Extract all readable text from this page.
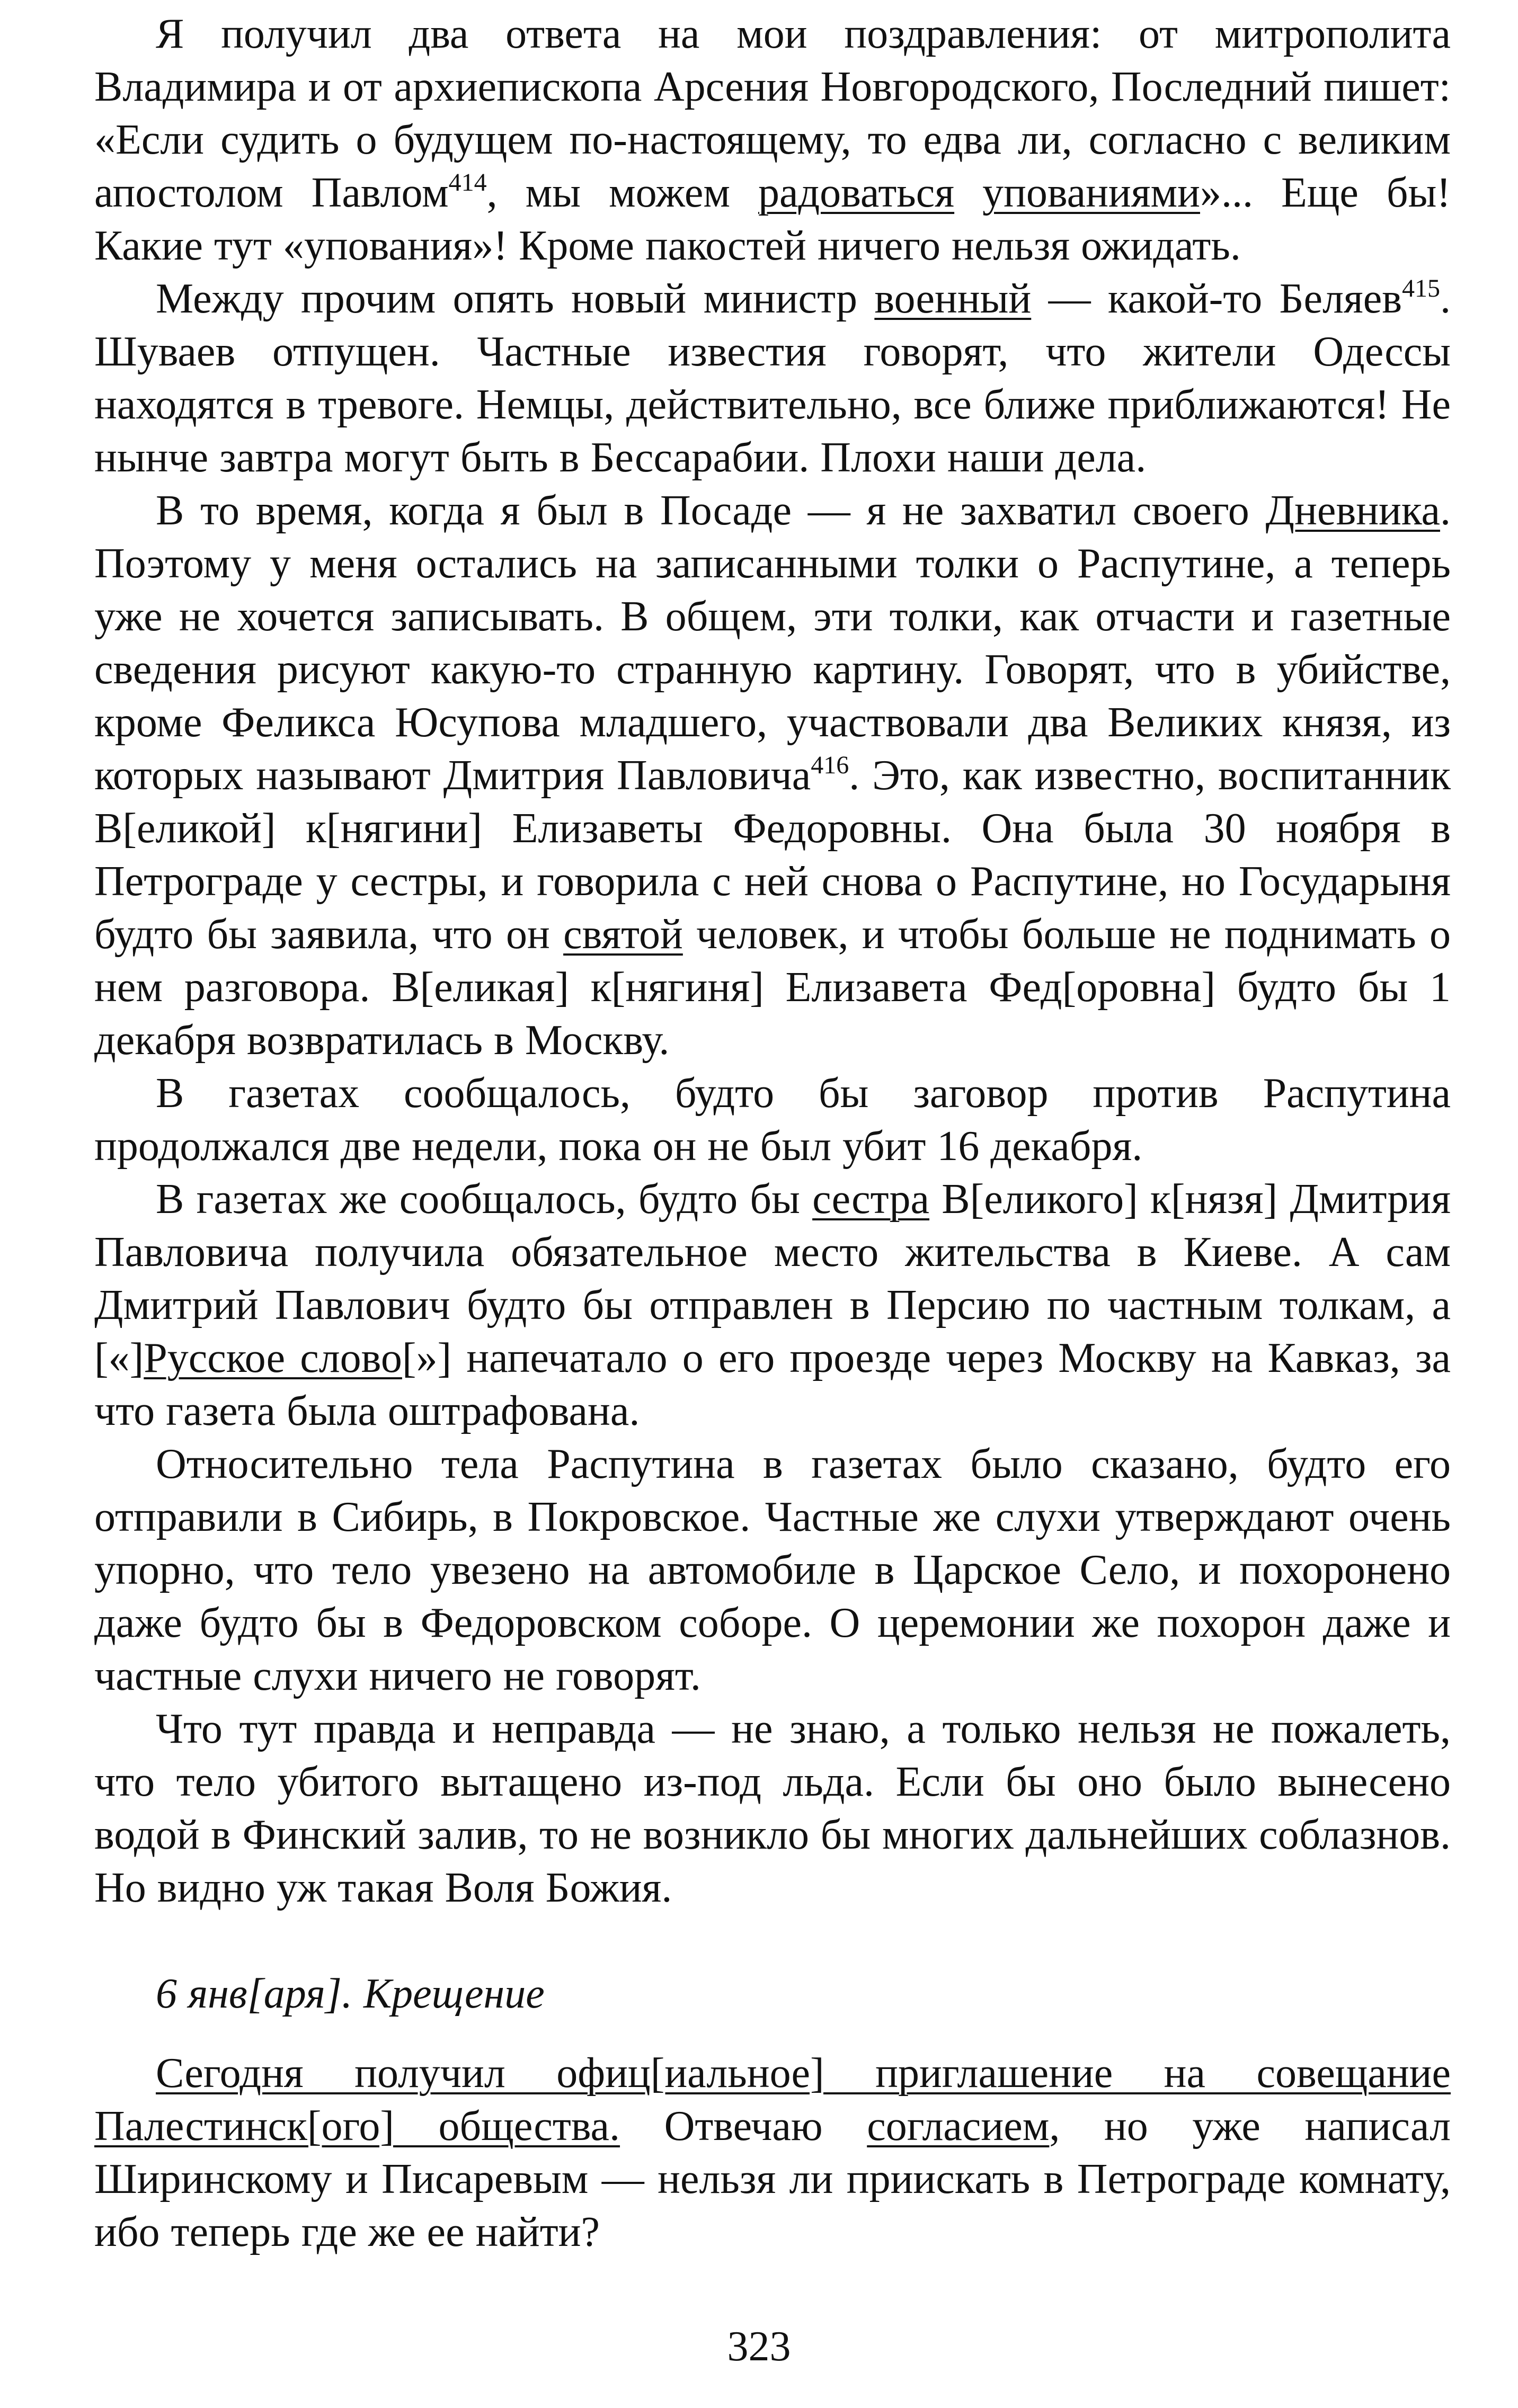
Я получил два ответа на мои поздравления: от митрополита Владимира и от архиепископа Арсения Новгородского, Последний пишет: «Если судить о будущем по-настоящему, то едва ли, согласно с великим апостолом Павлом$^{414}$, мы можем радоваться упованиями»... Еще бы! Какие тут «упования»! Кроме пакостей ничего нельзя ожидать.

Между прочим опять новый министр военный — какой-то Беляев$^{415}$. Шуваев отпущен. Частные известия говорят, что жители Одессы находятся в тревоге. Немцы, действительно, все ближе приближаются! Не нынче завтра могут быть в Бессарабии. Плохи наши дела.

В то время, когда я был в Посаде — я не захватил своего Дневника. Поэтому у меня остались на записанными толки о Распутине, а теперь уже не хочется записывать. В общем, эти толки, как отчасти и газетные сведения рисуют какую-то странную картину. Говорят, что в убийстве, кроме Феликса Юсупова младшего, участвовали два Великих князя, из которых называют Дмитрия Павловича$^{416}$. Это, как известно, воспитанник В[еликой] к[нягини] Елизаветы Федоровны. Она была 30 ноября в Петрограде у сестры, и говорила с ней снова о Распутине, но Государыня будто бы заявила, что он святой человек, и чтобы больше не поднимать о нем разговора. В[еликая] к[нягиня] Елизавета Фед[оровна] будто бы 1 декабря возвратилась в Москву.

В газетах сообщалось, будто бы заговор против Распутина продолжался две недели, пока он не был убит 16 декабря.

В газетах же сообщалось, будто бы сестра В[еликого] к[нязя] Дмитрия Павловича получила обязательное место жительства в Киеве. А сам Дмитрий Павлович будто бы отправлен в Персию по частным толкам, а [«]Русское слово[»] напечатало о его проезде через Москву на Кавказ, за что газета была оштрафована.

Относительно тела Распутина в газетах было сказано, будто его отправили в Сибирь, в Покровское. Частные же слухи утверждают очень упорно, что тело увезено на автомобиле в Царское Село, и похоронено даже будто бы в Федоровском соборе. О церемонии же похорон даже и частные слухи ничего не говорят.

Что тут правда и неправда — не знаю, а только нельзя не пожалеть, что тело убитого вытащено из-под льда. Если бы оно было вынесено водой в Финский залив, то не возникло бы многих дальнейших соблазнов. Но видно уж такая Воля Божия.

6 янв[аря]. Крещение

Сегодня получил офиц[иальное] приглашение на совещание Палестинск[ого] общества. Отвечаю согласием, но уже написал Ширинскому и Писаревым — нельзя ли приискать в Петрограде комнату, ибо теперь где же ее найти?

323
